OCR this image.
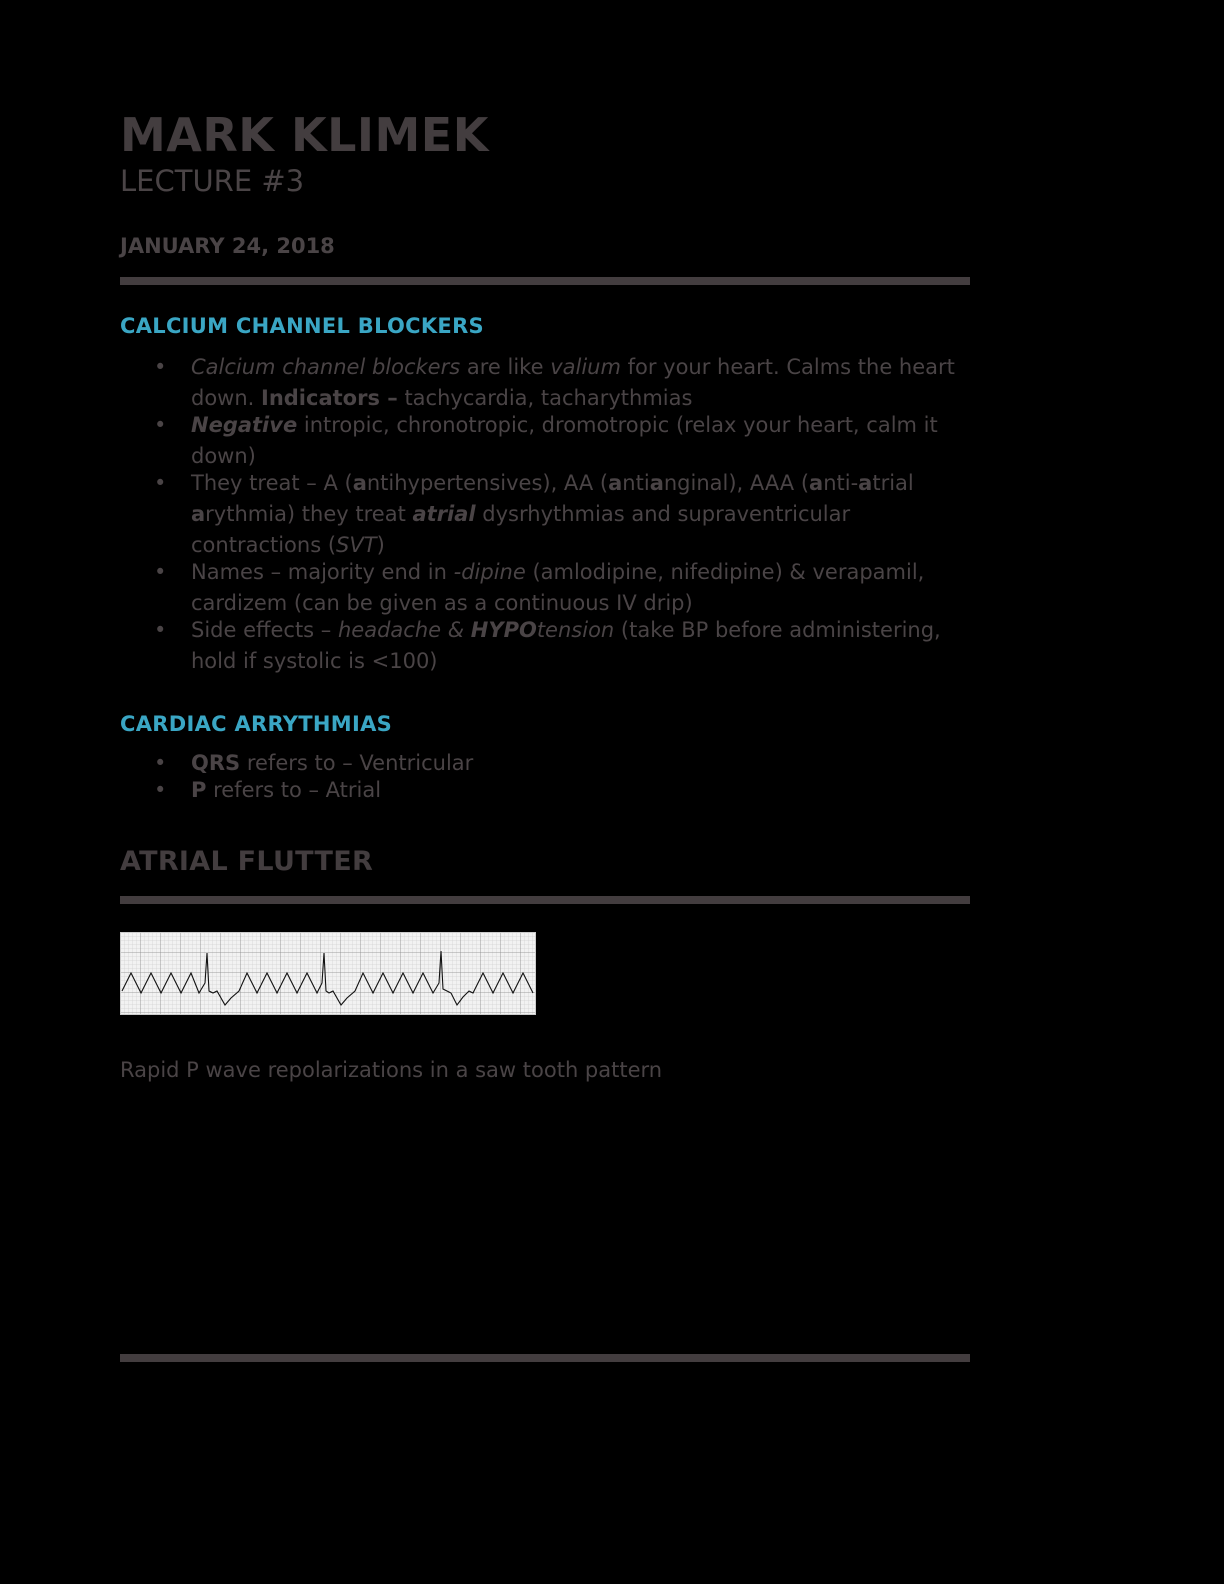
MARK KLIMEK
LECTURE #3
JANUARY 24, 2018
CALCIUM CHANNEL BLOCKERS
• Calcium channel blockers are like valium for your heart. Calms the heart down. Indicators – tachycardia, tacharythmias
• Negative intropic, chronotropic, dromotropic (relax your heart, calm it down)
• They treat – A (antihypertensives), AA (antianginal), AAA (anti-atrial arythmia) they treat atrial dysrhythmias and supraventricular contractions (SVT)
• Names – majority end in -dipine (amlodipine, nifedipine) & verapamil, cardizem (can be given as a continuous IV drip)
• Side effects – headache & HYPOtension (take BP before administering, hold if systolic is <100)
CARDIAC ARRYTHMIAS
• QRS refers to – Ventricular
• P refers to – Atrial
ATRIAL FLUTTER
Rapid P wave repolarizations in a saw tooth pattern
